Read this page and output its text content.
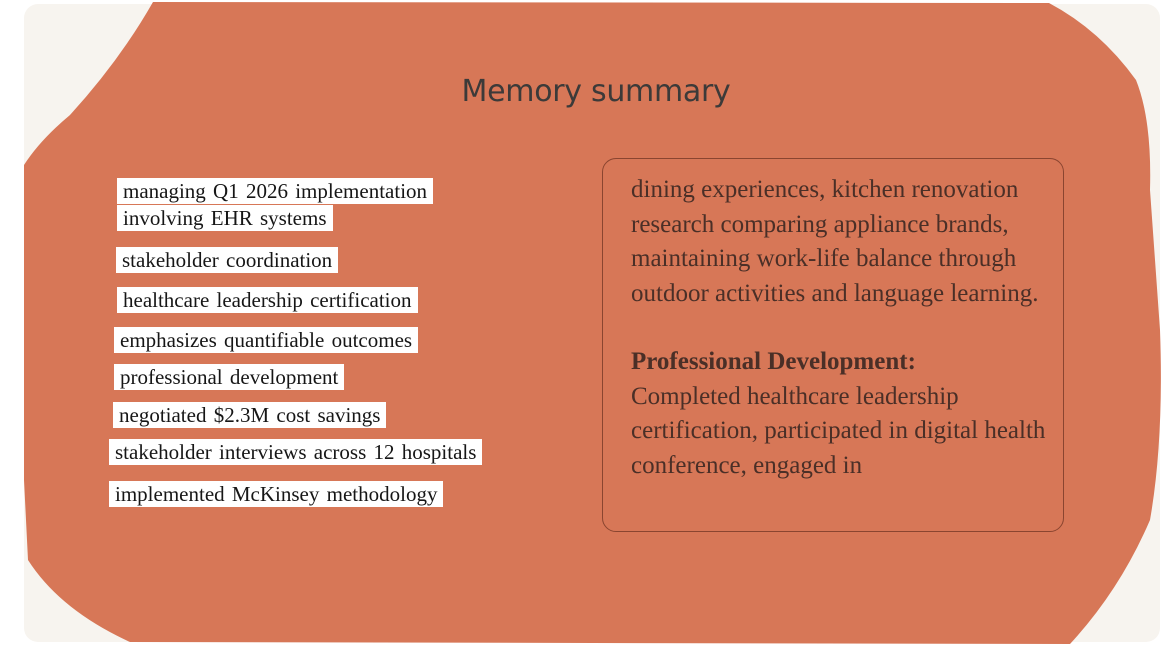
Memory summary
managing Q1 2026 implementation
involving EHR systems
stakeholder coordination
healthcare leadership certification
emphasizes quantifiable outcomes
professional development
negotiated $2.3M cost savings
stakeholder interviews across 12 hospitals
implemented McKinsey methodology

dining experiences, kitchen renovation research comparing appliance brands, maintaining work-life balance through outdoor activities and language learning.

Professional Development:

Completed healthcare leadership certification, participated in digital health conference, engaged in
